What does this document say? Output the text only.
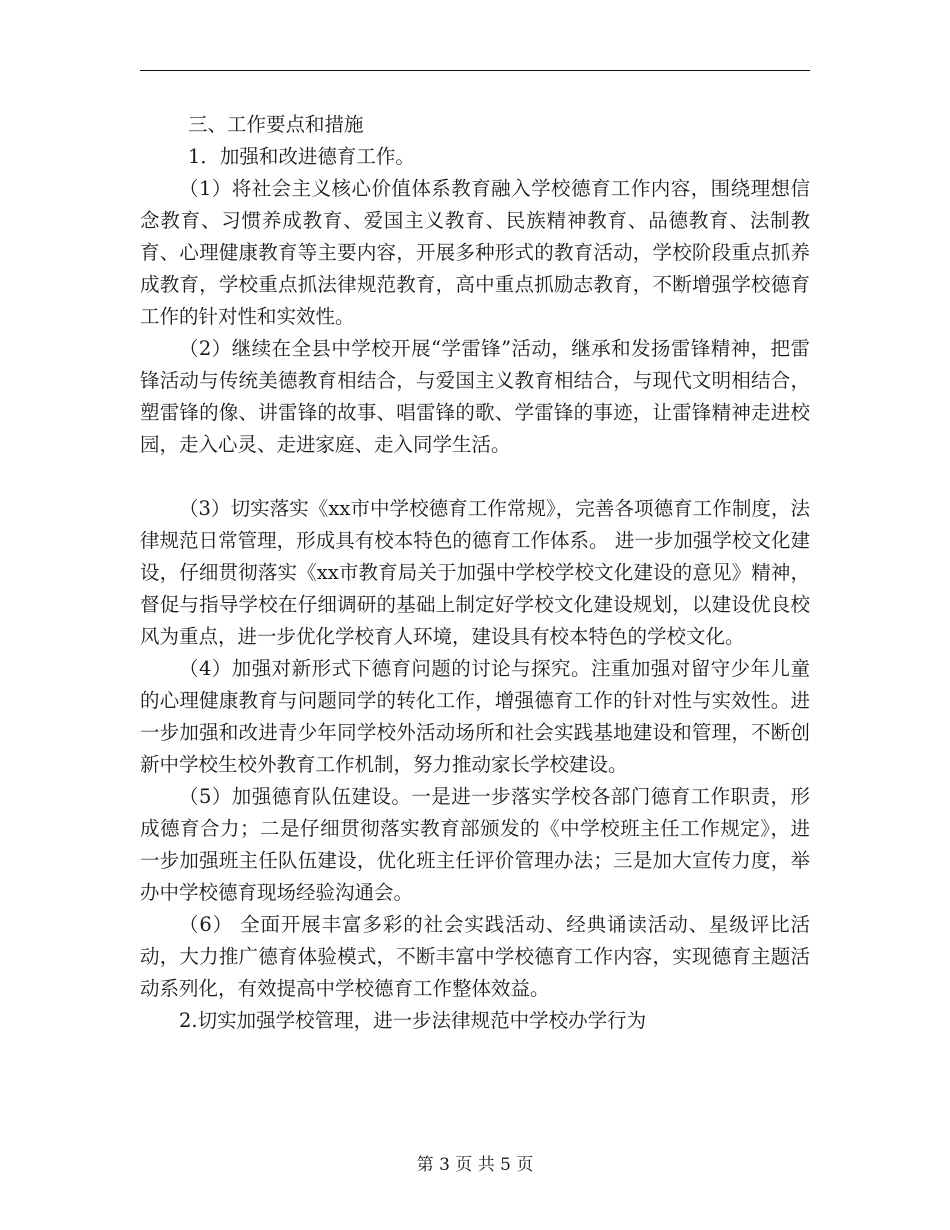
三、工作要点和措施

1．加强和改进德育工作。

（1）将社会主义核心价值体系教育融入学校德育工作内容，围绕理想信念教育、习惯养成教育、爱国主义教育、民族精神教育、品德教育、法制教育、心理健康教育等主要内容，开展多种形式的教育活动，学校阶段重点抓养成教育，学校重点抓法律规范教育，高中重点抓励志教育，不断增强学校德育工作的针对性和实效性。

（2）继续在全县中学校开展“学雷锋”活动，继承和发扬雷锋精神，把雷锋活动与传统美德教育相结合，与爱国主义教育相结合，与现代文明相结合，塑雷锋的像、讲雷锋的故事、唱雷锋的歌、学雷锋的事迹，让雷锋精神走进校园，走入心灵、走进家庭、走入同学生活。

（3）切实落实《xx市中学校德育工作常规》，完善各项德育工作制度，法律规范日常管理，形成具有校本特色的德育工作体系。 进一步加强学校文化建设，仔细贯彻落实《xx市教育局关于加强中学校学校文化建设的意见》精神，督促与指导学校在仔细调研的基础上制定好学校文化建设规划，以建设优良校风为重点，进一步优化学校育人环境，建设具有校本特色的学校文化。

（4）加强对新形式下德育问题的讨论与探究。注重加强对留守少年儿童的心理健康教育与问题同学的转化工作，增强德育工作的针对性与实效性。进一步加强和改进青少年同学校外活动场所和社会实践基地建设和管理，不断创新中学校生校外教育工作机制，努力推动家长学校建设。

（5）加强德育队伍建设。一是进一步落实学校各部门德育工作职责，形成德育合力；二是仔细贯彻落实教育部颁发的《中学校班主任工作规定》，进一步加强班主任队伍建设，优化班主任评价管理办法；三是加大宣传力度，举办中学校德育现场经验沟通会。

（6） 全面开展丰富多彩的社会实践活动、经典诵读活动、星级评比活动，大力推广德育体验模式，不断丰富中学校德育工作内容，实现德育主题活动系列化，有效提高中学校德育工作整体效益。

2.切实加强学校管理，进一步法律规范中学校办学行为

第 3 页 共 5 页
